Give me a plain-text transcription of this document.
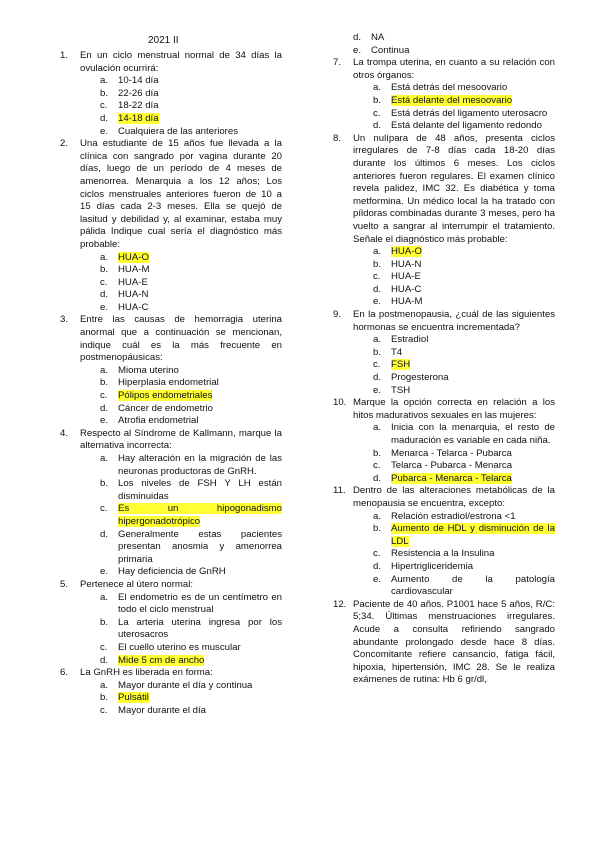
2021 II
1. En un ciclo menstrual normal de 34 días la ovulación ocurrirá:
a. 10-14 día
b. 22-26 día
c. 18-22 día
d. 14-18 día
e. Cualquiera de las anteriores
2. Una estudiante de 15 años fue llevada a la clínica con sangrado por vagina durante 20 días, luego de un período de 4 meses de amenorrea. Menarquia a los 12 años; Los ciclos menstruales anteriores fueron de 10 a 15 días cada 2-3 meses. Ella se quejó de lasitud y debilidad y, al examinar, estaba muy pálida Indique cual sería el diagnóstico más probable:
a. HUA-O
b. HUA-M
c. HUA-E
d. HUA-N
e. HUA-C
3. Entre las causas de hemorragia uterina anormal que a continuación se mencionan, indique cuál es la más frecuente en postmenopáusicas:
a. Mioma uterino
b. Hiperplasia endometrial
c. Pólipos endometriales
d. Cáncer de endometrio
e. Atrofia endometrial
4. Respecto al Síndrome de Kallmann, marque la alternativa incorrecta:
a. Hay alteración en la migración de las neuronas productoras de GnRH.
b. Los niveles de FSH Y LH están disminuidas
c. Es un hipogonadismo hipergonadotrópico
d. Generalmente estas pacientes presentan anosmia y amenorrea primaria
e. Hay deficiencia de GnRH
5. Pertenece al útero normal:
a. El endometrio es de un centímetro en todo el ciclo menstrual
b. La arteria uterina ingresa por los uterosacros
c. El cuello uterino es muscular
d. Mide 5 cm de ancho
6. La GnRH es liberada en forma:
a. Mayor durante el día y continua
b. Pulsátil
c. Mayor durante el día
d. NA
e. Continua
7. La trompa uterina, en cuanto a su relación con otros órganos:
a. Está detrás del mesoovario
b. Está delante del mesoovario
c. Está detrás del ligamento uterosacro
d. Está delante del ligamento redondo
8. Un nulípara de 48 años, presenta ciclos irregulares de 7-8 días cada 18-20 días durante los últimos 6 meses. Los ciclos anteriores fueron regulares. El examen clínico revela palidez, IMC 32. Es diabética y toma metformina. Un médico local la ha tratado con píldoras combinadas durante 3 meses, pero ha vuelto a sangrar al interrumpir el tratamiento. Señale el diagnóstico más probable:
a. HUA-O
b. HUA-N
c. HUA-E
d. HUA-C
e. HUA-M
9. En la postmenopausia, ¿cuál de las siguientes hormonas se encuentra incrementada?
a. Estradiol
b. T4
c. FSH
d. Progesterona
e. TSH
10. Marque la opción correcta en relación a los hitos madurativos sexuales en las mujeres:
a. Inicia con la menarquia, el resto de maduración es variable en cada niña.
b. Menarca - Telarca - Pubarca
c. Telarca - Pubarca - Menarca
d. Pubarca - Menarca - Telarca
11. Dentro de las alteraciones metabólicas de la menopausia se encuentra, excepto:
a. Relación estradiol/estrona <1
b. Aumento de HDL y disminución de la LDL
c. Resistencia a la Insulina
d. Hipertrigliceridemia
e. Aumento de la patología cardiovascular
12. Paciente de 40 años. P1001 hace 5 años, R/C: 5;34. Últimas menstruaciones irregulares. Acude a consulta refiriendo sangrado abundante prolongado desde hace 8 días. Concomitante refiere cansancio, fatiga fácil, hipoxia, hipertensión, IMC 28. Se le realiza exámenes de rutina: Hb 6 gr/dl,
